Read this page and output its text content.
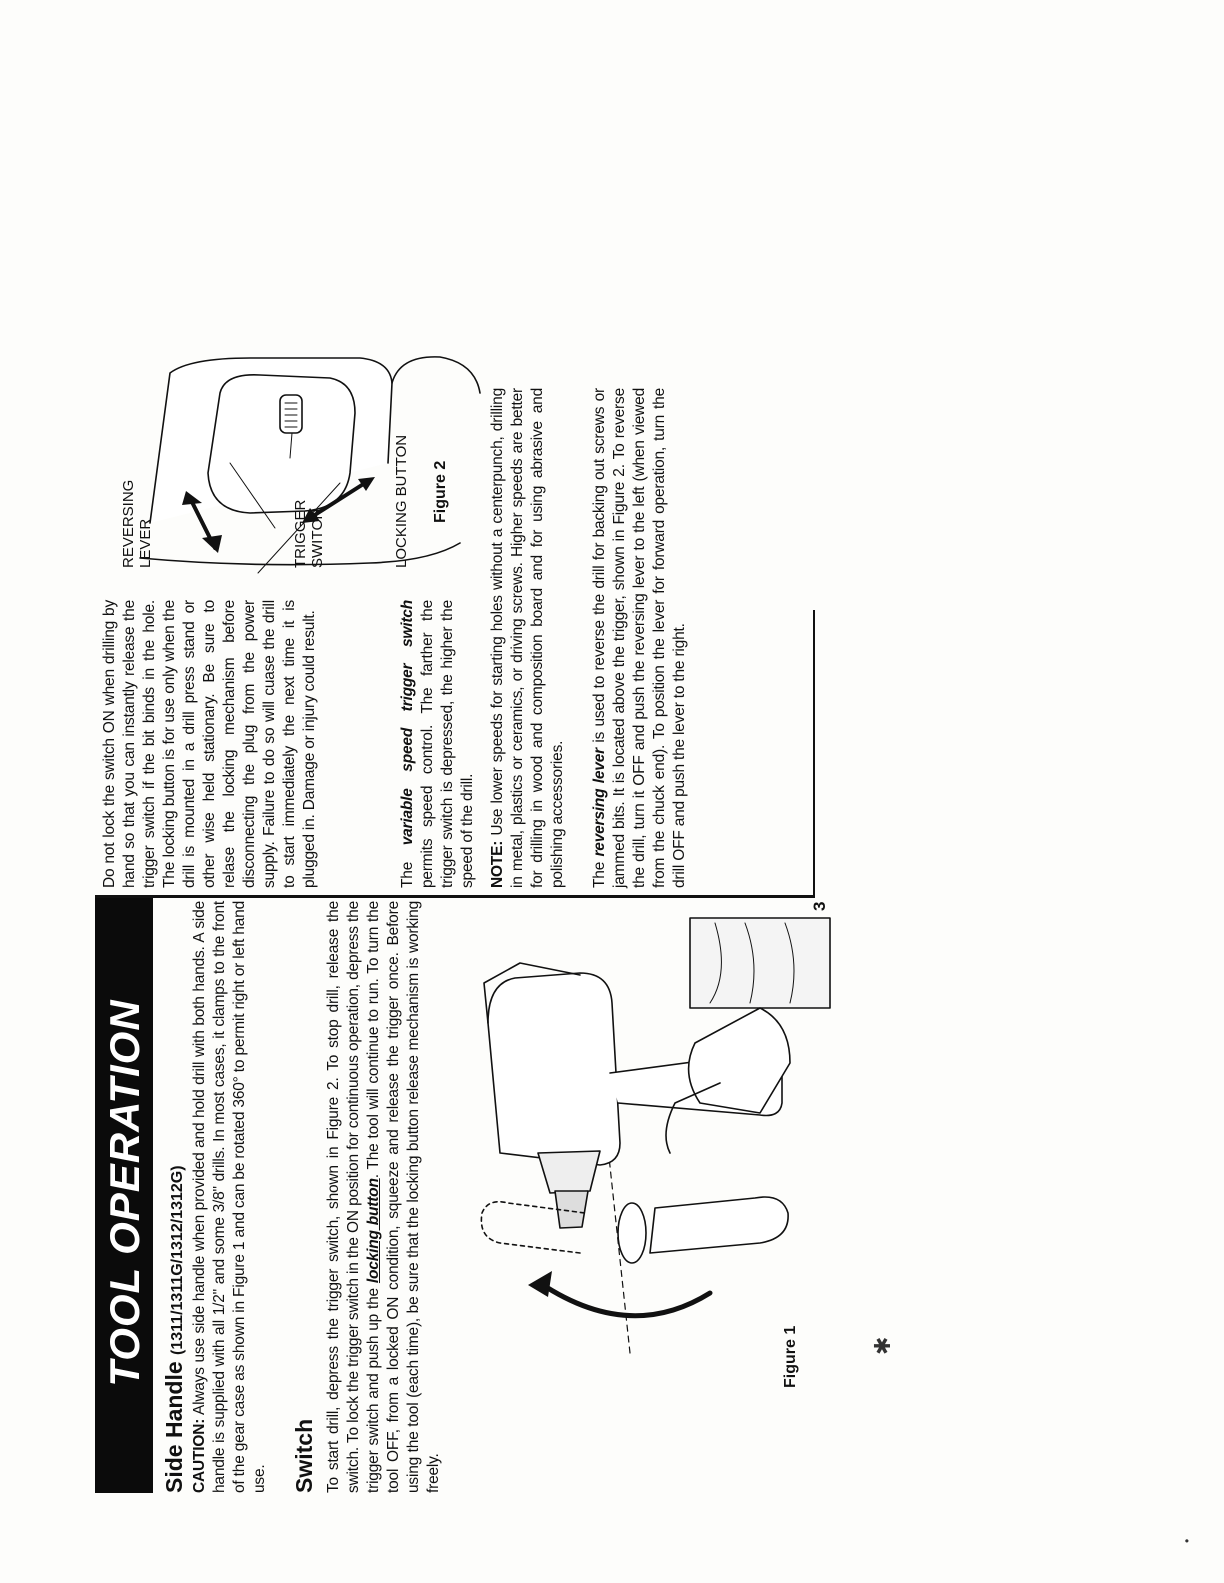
TOOL OPERATION
3
Side Handle (1311/1311G/1312/1312G)
CAUTION: Always use side handle when provided and hold drill with both hands. A side handle is supplied with all 1/2" and some 3/8" drills. In most cases, it clamps to the front of the gear case as shown in Figure 1 and can be rotated 360° to permit right or left hand use. Switch To start drill, depress the trigger switch, shown in Figure 2. To stop drill, release the switch. To lock the trigger switch in the ON position for continuous operation, depress the trigger switch and push up the locking button. The tool will continue to run. To turn the tool OFF, from a locked ON condition, squeeze and release the trigger once. Before using the tool (each time), be sure that the locking button release mechanism is working freely.
Figure 1
Do not lock the switch ON when drilling by hand so that you can instantly release the trigger switch if the bit binds in the hole. The locking button is for use only when the drill is mounted in a drill press stand or other wise held stationary. Be sure to relase the locking mechanism before disconnecting the plug from the power supply. Failure to do so will cuase the drill to start immediately the next time it is plugged in. Damage or injury could result.	The variable speed trigger switch permits speed control. The farther the trigger switch is depressed, the higher the speed of the drill. NOTE: Use lower speeds for starting holes without a centerpunch, drilling in metal, plastics or ceramics, or driving screws. Higher speeds are better for drilling in wood and composition board and for using abrasive and polishing accessories. The reversing lever is used to reverse the drill for backing out screws or jammed bits. It is located above the trigger, shown in Figure 2. To reverse the drill, turn it OFF and push the reversing lever to the left (when viewed from the chuck end). To position the lever for forward operation, turn the drill OFF and push the lever to the right.
REVERSING LEVER	TRIGGER SWITCH	LOCKING BUTTON Figure 2
✱
•
